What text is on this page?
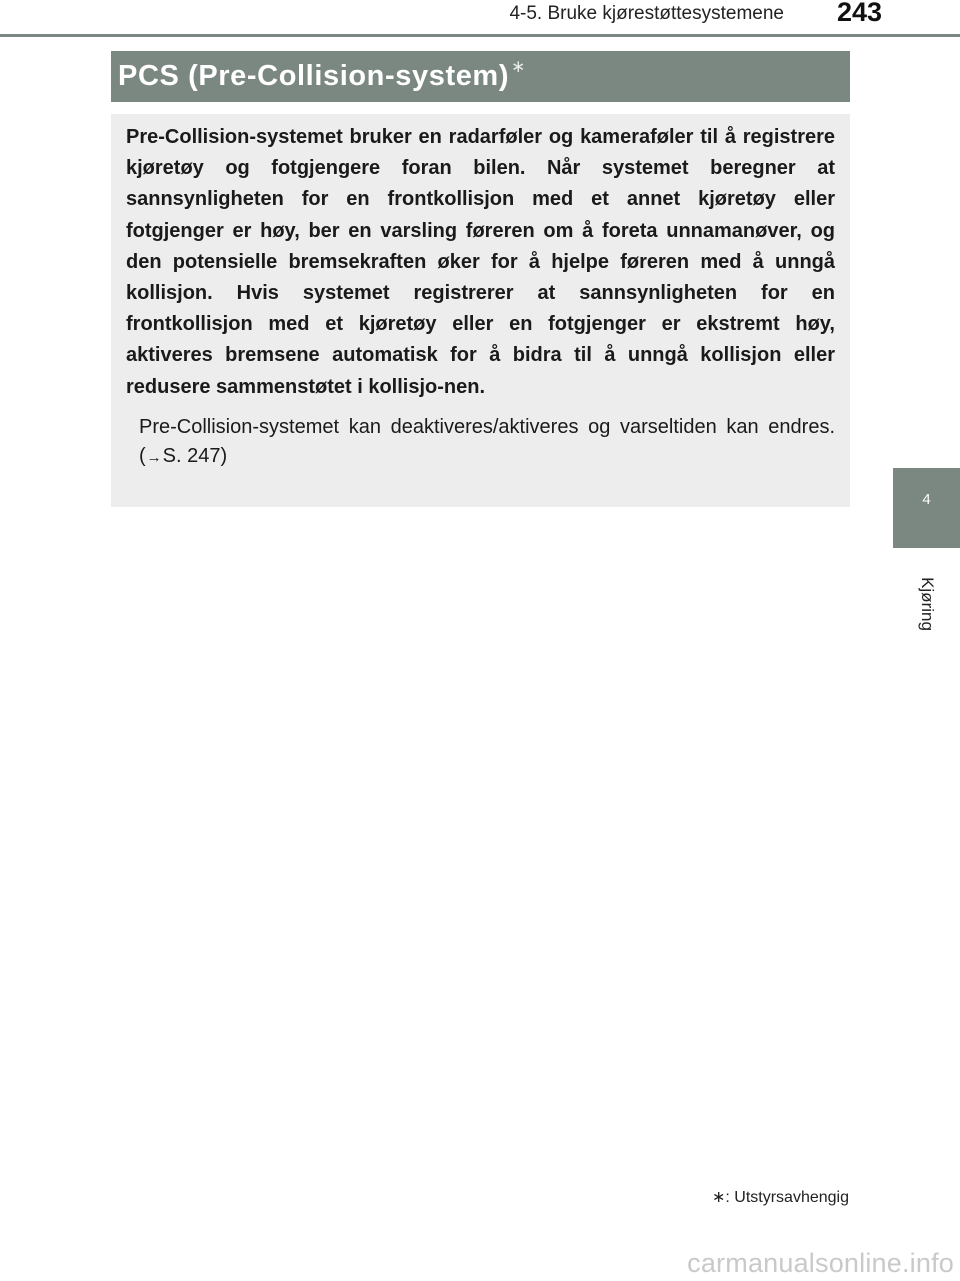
4-5. Bruke kjørestøttesystemene	243
4
Kjøring
PCS (Pre-Collision-system) ∗

Pre-Collision-systemet bruker en radarføler og kameraføler til å registrere kjøretøy og fotgjengere foran bilen. Når systemet beregner at sannsynligheten for en frontkollisjon med et annet kjøretøy eller fotgjenger er høy, ber en varsling føreren om å foreta unnamanøver, og den potensielle bremsekraften øker for å hjelpe føreren med å unngå kollisjon. Hvis systemet registrerer at sannsynligheten for en frontkollisjon med et kjøretøy eller en fotgjenger er ekstremt høy, aktiveres bremsene automatisk for å bidra til å unngå kollisjon eller redusere sammenstøtet i kollisjo-nen.

Pre-Collision-systemet kan deaktiveres/aktiveres og varseltiden kan endres. (→S. 247)

∗: Utstyrsavhengig
carmanualsonline.info
